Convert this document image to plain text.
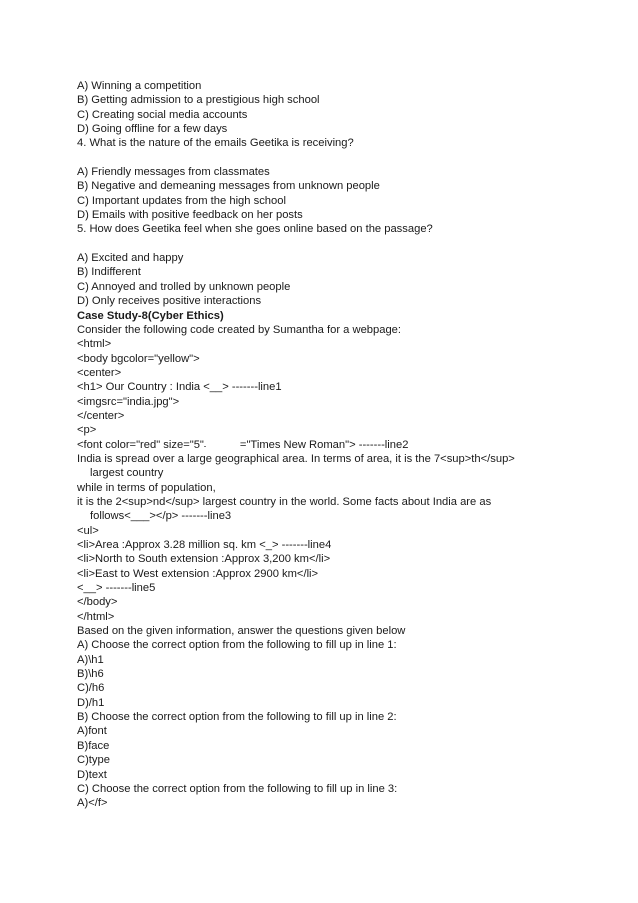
A) Winning a competition
B) Getting admission to a prestigious high school
C) Creating social media accounts
D) Going offline for a few days
4. What is the nature of the emails Geetika is receiving?
A) Friendly messages from classmates
B) Negative and demeaning messages from unknown people
C) Important updates from the high school
D) Emails with positive feedback on her posts
5. How does Geetika feel when she goes online based on the passage?
A) Excited and happy
B) Indifferent
C) Annoyed and trolled by unknown people
D) Only receives positive interactions
Case Study-8(Cyber Ethics)
Consider the following code created by Sumantha for a webpage:
<html>
<body bgcolor="yellow">
<center>
<h1> Our Country : India <__> -------line1
<imgsrc="india.jpg">
</center>
<p>
<font color="red" size="5"	="Times New Roman"> -------line2
India is spread over a large geographical area. In terms of area, it is the 7<sup>th</sup>
largest country
while in terms of population,
it is the 2<sup>nd</sup> largest country in the world. Some facts about India are as
follows<___></p> -------line3
<ul>
<li>Area :Approx 3.28 million sq. km <_> -------line4
<li>North to South extension :Approx 3,200 km</li>
<li>East to West extension :Approx 2900 km</li>
<__> -------line5
</body>
</html>
Based on the given information, answer the questions given below
A) Choose the correct option from the following to fill up in line 1:
A)\h1
B)\h6
C)/h6
D)/h1
B) Choose the correct option from the following to fill up in line 2:
A)font
B)face
C)type
D)text
C) Choose the correct option from the following to fill up in line 3:
A)</f>
